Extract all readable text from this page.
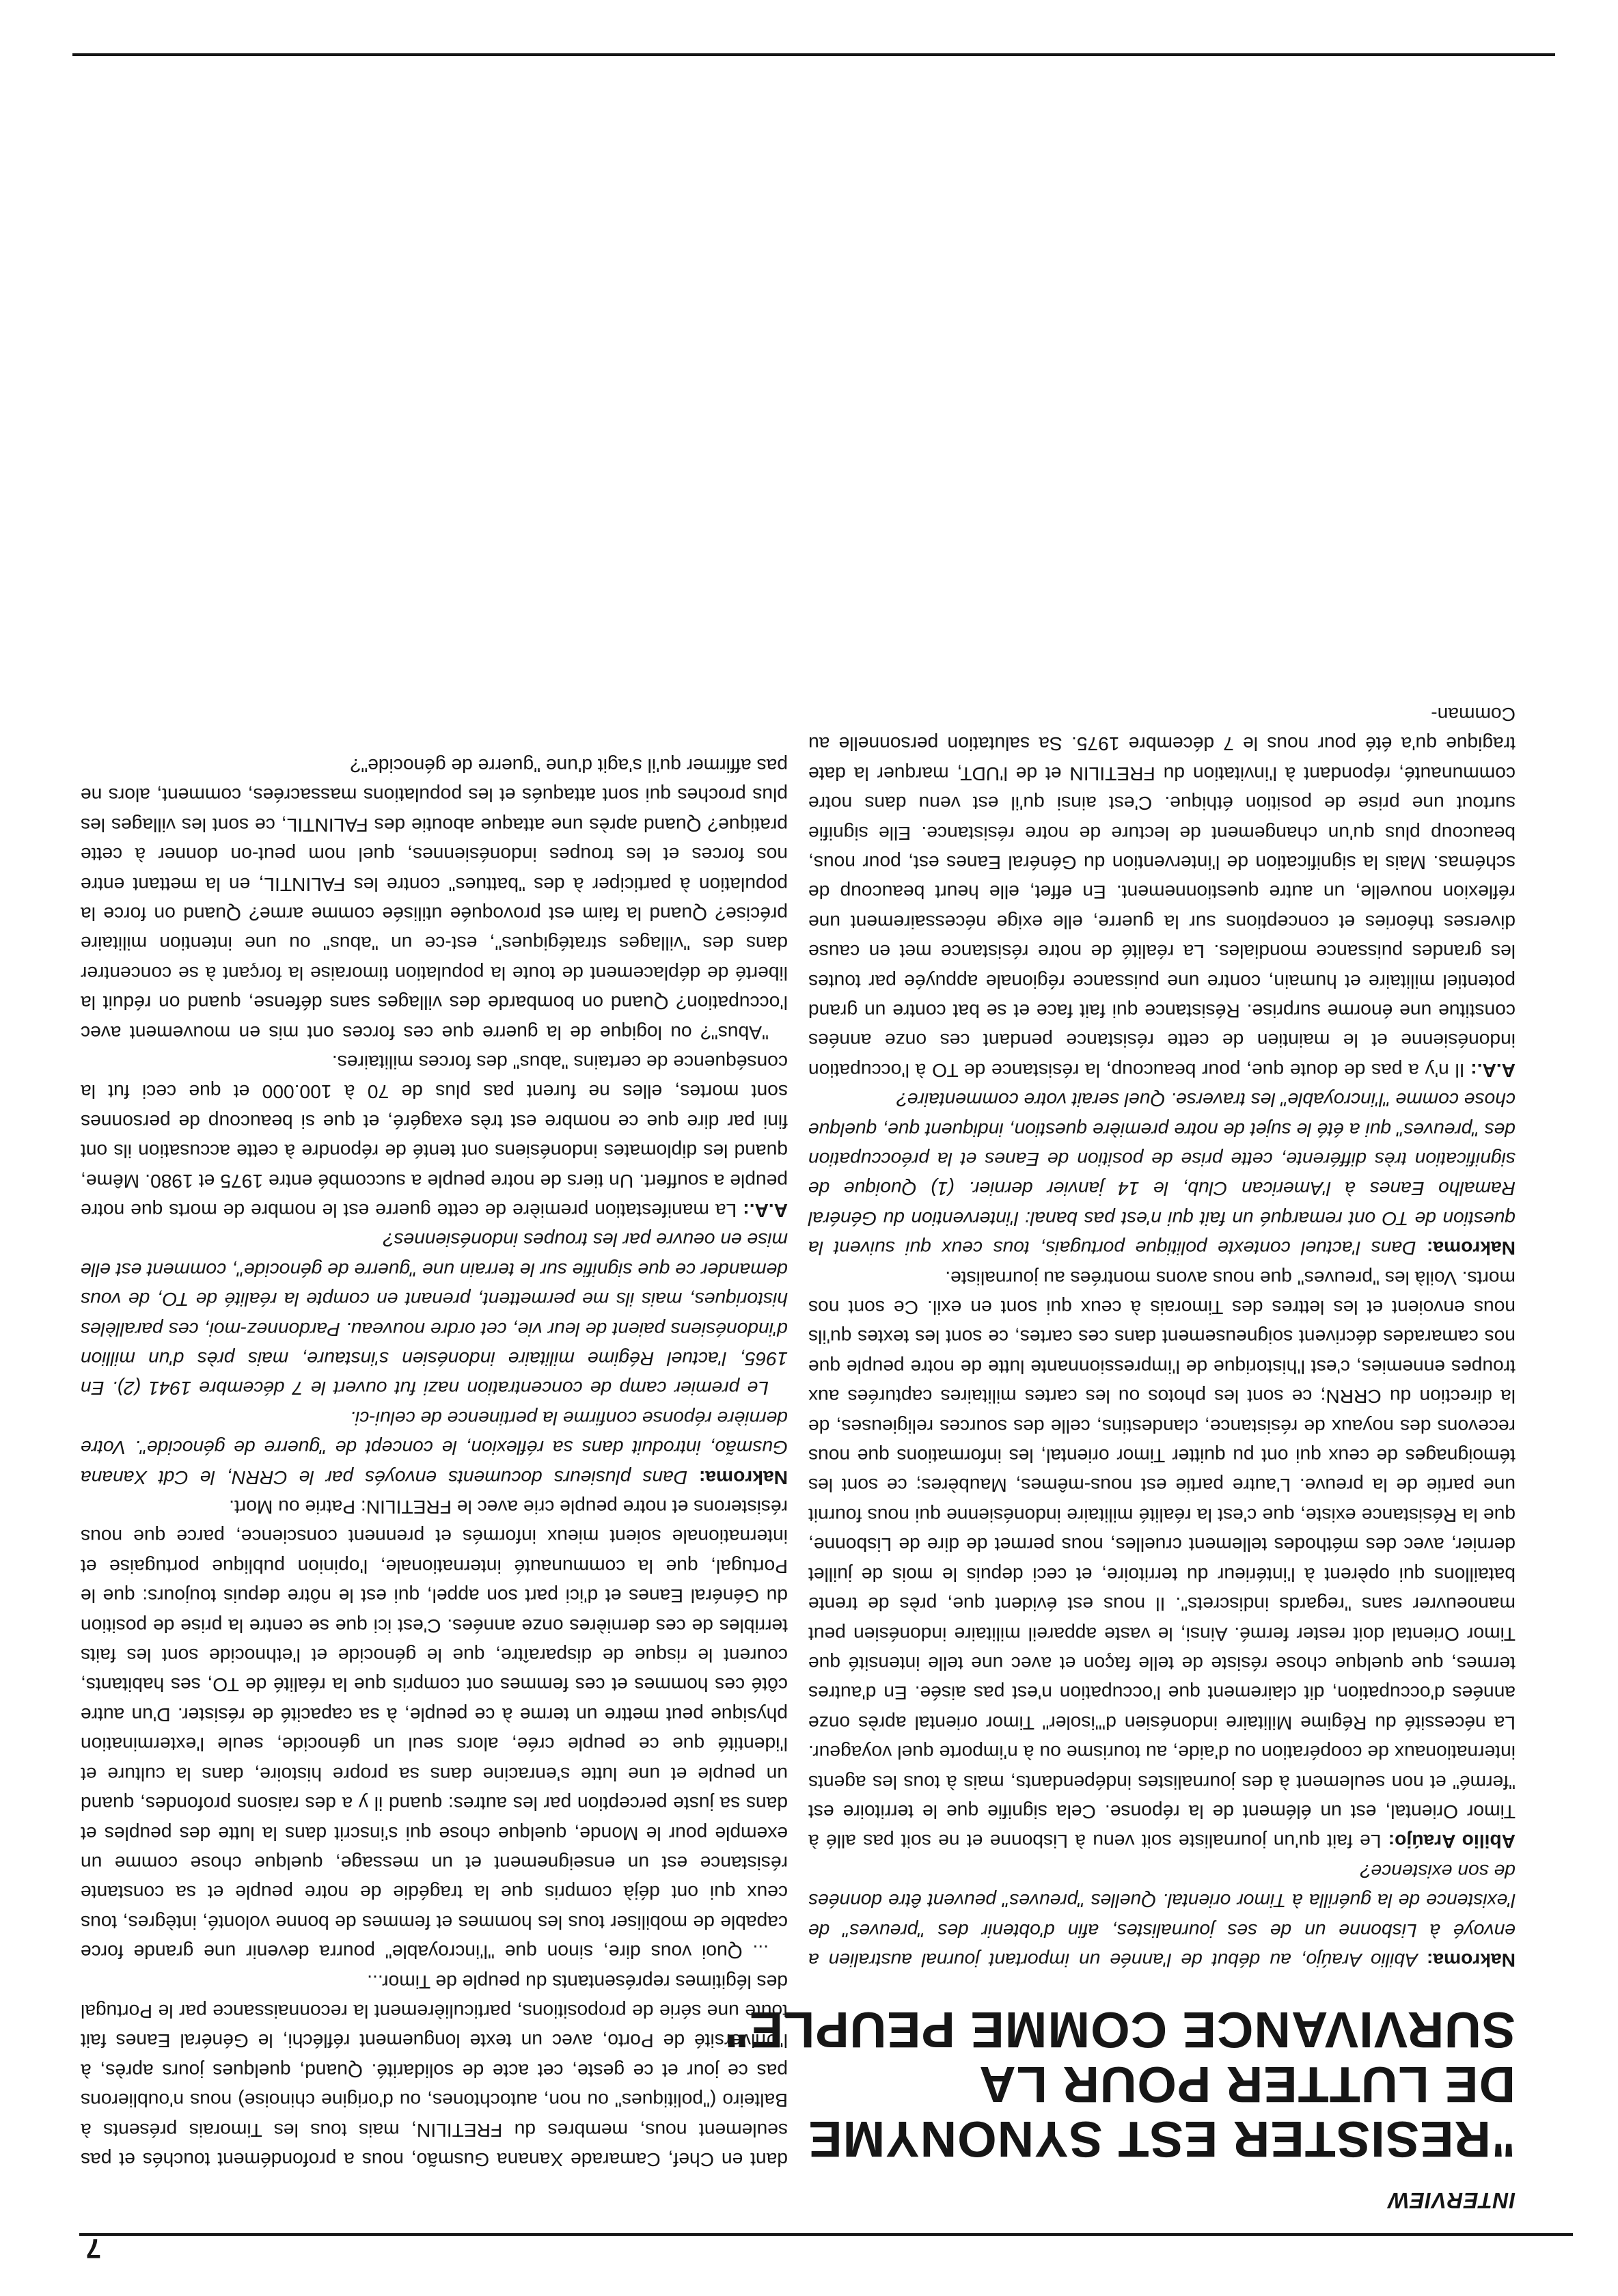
INTERVIEW
"RESISTER EST SYNONYME
DE LUTTER POUR LA
SURVIVANCE COMME PEUPLE"

Nakroma: Abilio Araújo, au début de l'année un important journal australien a envoyé à Lisbonne un de ses journalistes, afin d'obtenir des "preuves" de l'existence de la guérilla à Timor oriental. Quelles "preuves" peuvent être données de son existence?

Abilio Araújo: Le fait qu'un journaliste soit venu à Lisbonne et ne soit pas allé à Timor Oriental, est un élément de la réponse. Cela signifie que le territoire est "fermé" et non seulement à des journalistes indépendants, mais à tous les agents internationaux de coopération ou d'aide, au tourisme ou à n'importe quel voyageur. La nécessité du Régime Militaire indonésien d'"isoler" Timor oriental après onze années d'occupation, dit clairement que l'occupation n'est pas aisée. En d'autres termes, que quelque chose résiste de telle façon et avec une telle intensité que Timor Oriental doit rester fermé. Ainsi, le vaste appareil militaire indonésien peut manoeuvrer sans "regards indiscrets". Il nous est évident que, près de trente bataillons qui opèrent à l'intérieur du territoire, et ceci depuis le mois de juillet dernier, avec des méthodes tellement cruelles, nous permet de dire de Lisbonne, que la Résistance existe, que c'est la réalité militaire indonésienne qui nous fournit une partie de la preuve. L'autre partie est nous-mêmes, Maubères; ce sont les témoignages de ceux qui ont pu quitter Timor oriental, les informations que nous recevons des noyaux de résistance, clandestins, celle des sources religieuses, de la direction du CRRN; ce sont les photos ou les cartes militaires capturées aux troupes ennemies, c'est l'historique de l'impressionnante lutte de notre peuple que nos camarades décrivent soigneusement dans ces cartes, ce sont les textes qu'ils nous envoient et les lettres des Timorais à ceux qui sont en exil. Ce sont nos morts. Voilà les "preuves" que nous avons montrées au journaliste.

Nakroma: Dans l'actuel contexte politique portugais, tous ceux qui suivent la question de TO ont remarqué un fait qui n'est pas banal: l'intervention du Général Ramalho Eanes à l'American Club, le 14 janvier dernier. (1) Quoique de signification très différente, cette prise de position de Eanes et la préoccupation des "preuves" qui a été le sujet de notre première question, indiquent que, quelque chose comme "l'incroyable" les traverse. Quel serait votre commentaire?

A.A.: Il n'y a pas de doute que, pour beaucoup, la résistance de TO à l'occupation indonésienne et le maintien de cette résistance pendant ces onze années constitue une énorme surprise. Résistance qui fait face et se bat contre un grand potentiel militaire et humain, contre une puissance régionale appuyée par toutes les grandes puissance mondiales. La réalité de notre résistance met en cause diverses théories et conceptions sur la guerre, elle exige nécessairement une réflexion nouvelle, un autre questionnement. En effet, elle heurt beaucoup de schémas. Mais la signification de l'intervention du Général Eanes est, pour nous, beaucoup plus qu'un changement de lecture de notre résistance. Elle signifie surtout une prise de position éthique. C'est ainsi qu'il est venu dans notre communauté, répondant à l'invitation du FRETILIN et de l'UDT, marquer la date tragique qu'a été pour nous le 7 décembre 1975. Sa salutation personnelle au Comman-

dant en Chef, Camarade Xanana Gusmão, nous a profondément touchés et pas seulement nous, membres du FRETILIN, mais tous les Timorais présents à Balteiro ("politiques" ou non, autochtones, ou d'origine chinoise) nous n'oublierons pas ce jour et ce geste, cet acte de solidarité. Quand, quelques jours après, à l'Université de Porto, avec un texte longuement réfléchi, le Général Eanes fait toute une série de propositions, particulièrement la reconnaissance par le Portugal des légitimes représentants du peuple de Timor...

... Quoi vous dire, sinon que "l'incroyable" pourra devenir une grande force capable de mobiliser tous les hommes et femmes de bonne volonté, intègres, tous ceux qui ont déjà compris que la tragédie de notre peuple et sa constante résistance est un enseignement et un message, quelque chose comme un exemple pour le Monde, quelque chose qui s'inscrit dans la lutte des peuples et dans sa juste perception par les autres: quand il y a des raisons profondes, quand un peuple et une lutte s'enracine dans sa propre histoire, dans la culture et l'identité que ce peuple crée, alors seul un génocide, seule l'extermination physique peut mettre un terme à ce peuple, à sa capacité de résister. D'un autre côté ces hommes et ces femmes ont compris que la réalité de TO, ses habitants, courent le risque de disparaître, que le génocide et l'ethnocide sont les faits terribles de ces dernières onze années. C'est ici que se centre la prise de position du Général Eanes et d'ici part son appel, qui est le nôtre depuis toujours: que le Portugal, que la communauté internationale, l'opinion publique portugaise et internationale soient mieux informés et prennent conscience, parce que nous résisterons et notre peuple crie avec le FRETILIN: Patrie ou Mort.

Nakroma: Dans plusieurs documents envoyés par le CRRN, le Cdt Xanana Gusmão, introduit dans sa réflexion, le concept de "guerre de génocide". Votre dernière réponse confirme la pertinence de celui-ci.

Le premier camp de concentration nazi fut ouvert le 7 décembre 1941 (2). En 1965, l'actuel Régime militaire indonésien s'instaure, mais près d'un million d'indonésiens paient de leur vie, cet ordre nouveau. Pardonnez-moi, ces parallèles historiques, mais ils me permettent, prenant en compte la réalité de TO, de vous demander ce que signifie sur le terrain une "guerre de génocide", comment est elle mise en oeuvre par les troupes indonésiennes?

A.A.: La manifestation première de cette guerre est le nombre de morts que notre peuple a souffert. Un tiers de notre peuple a succombé entre 1975 et 1980. Même, quand les diplomates indonésiens ont tenté de répondre à cette accusation ils ont fini par dire que ce nombre est très exagéré, et que si beaucoup de personnes sont mortes, elles ne furent pas plus de 70 à 100.000 et que ceci fut la conséquence de certains "abus" des forces militaires.

"Abus"? ou logique de la guerre que ces forces ont mis en mouvement avec l'occupation? Quand on bombarde des villages sans défense, quand on réduit la liberté de déplacement de toute la population timoraise la forçant à se concentrer dans des "villages stratégiques", est-ce un "abus" ou une intention militaire précise? Quand la faim est provoquée utilisée comme arme? Quand on force la population à participer à des "battues" contre les FALINTIL, en la mettant entre nos forces et les troupes indonésiennes, quel nom peut-on donner à cette pratique? Quand après une attaque aboutie des FALINTIL, ce sont les villages les plus proches qui sont attaqués et les populations massacrées, comment, alors ne pas affirmer qu'il s'agit d'une "guerre de génocide"?

7
